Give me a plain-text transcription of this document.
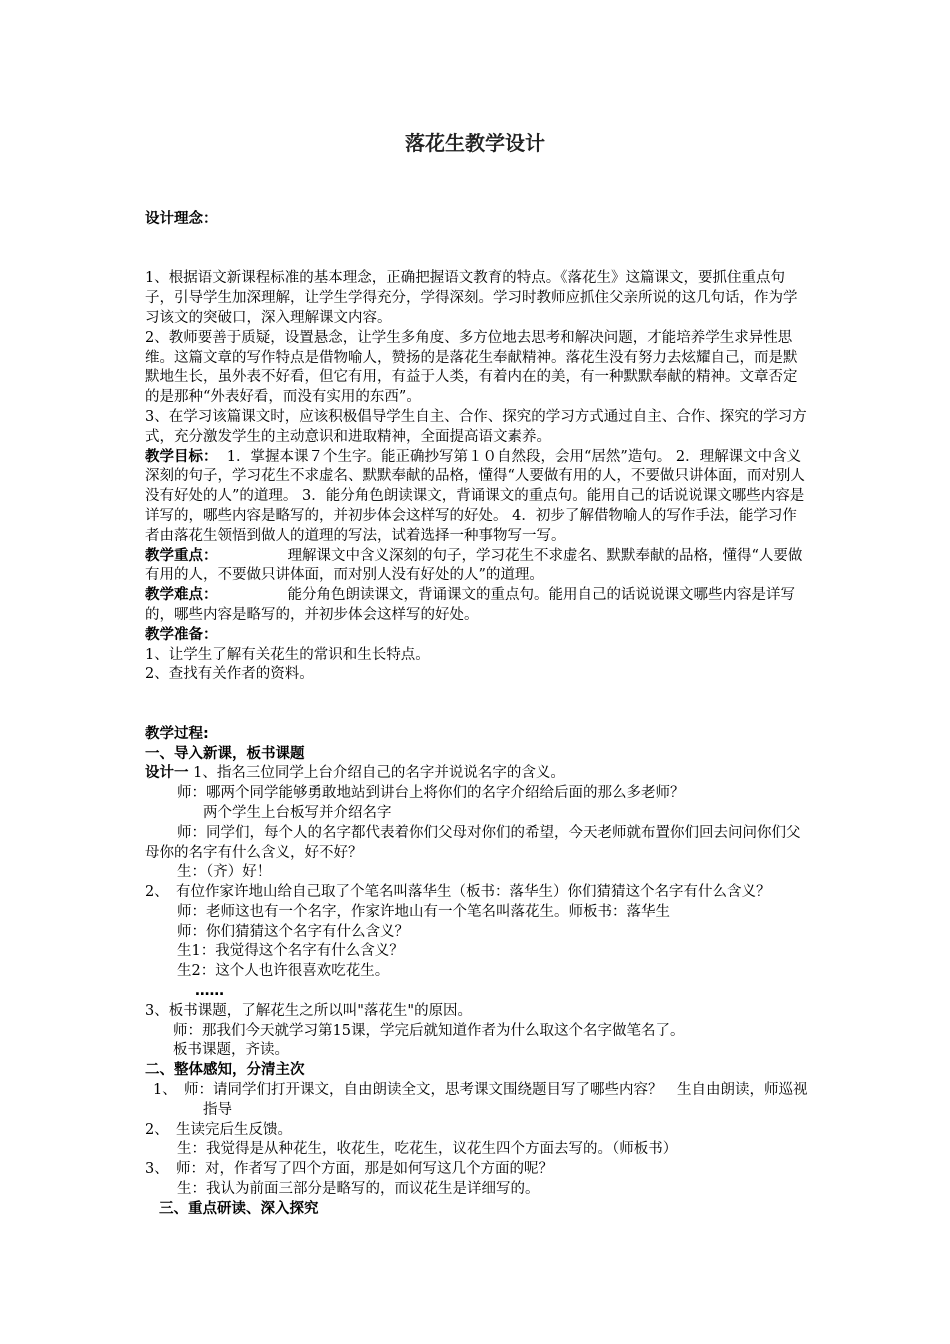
落花生教学设计

设计理念：

1、根据语文新课程标准的基本理念，正确把握语文教育的特点。《落花生》这篇课文，要抓住重点句子，引导学生加深理解，让学生学得充分，学得深刻。学习时教师应抓住父亲所说的这几句话，作为学习该文的突破口，深入理解课文内容。

2、教师要善于质疑，设置悬念，让学生多角度、多方位地去思考和解决问题，才能培养学生求异性思维。这篇文章的写作特点是借物喻人，赞扬的是落花生奉献精神。落花生没有努力去炫耀自己，而是默默地生长，虽外表不好看，但它有用，有益于人类，有着内在的美，有一种默默奉献的精神。文章否定的是那种“外表好看，而没有实用的东西”。

3、在学习该篇课文时，应该积极倡导学生自主、合作、探究的学习方式通过自主、合作、探究的学习方式，充分激发学生的主动意识和进取精神，全面提高语文素养。

教学目标： 1．掌握本课７个生字。能正确抄写第１０自然段，会用“居然”造句。 2．理解课文中含义深刻的句子，学习花生不求虚名、默默奉献的品格，懂得“人要做有用的人，不要做只讲体面，而对别人没有好处的人”的道理。 3．能分角色朗读课文，背诵课文的重点句。能用自己的话说说课文哪些内容是详写的，哪些内容是略写的，并初步体会这样写的好处。 4．初步了解借物喻人的写作手法，能学习作者由落花生领悟到做人的道理的写法，试着选择一种事物写一写。

教学重点：	理解课文中含义深刻的句子，学习花生不求虚名、默默奉献的品格，懂得“人要做有用的人，不要做只讲体面，而对别人没有好处的人”的道理。

教学难点：	能分角色朗读课文，背诵课文的重点句。能用自己的话说说课文哪些内容是详写的，哪些内容是略写的，并初步体会这样写的好处。

教学准备：

1、让学生了解有关花生的常识和生长特点。

2、查找有关作者的资料。

教学过程:

一、导入新课，板书课题

设计一 1、指名三位同学上台介绍自己的名字并说说名字的含义。

师：哪两个同学能够勇敢地站到讲台上将你们的名字介绍给后面的那么多老师？

两个学生上台板写并介绍名字

师：同学们，每个人的名字都代表着你们父母对你们的希望，今天老师就布置你们回去问问你们父母你的名字有什么含义，好不好？

生：（齐）好！

2、　有位作家许地山给自己取了个笔名叫落华生（板书：落华生）你们猜猜这个名字有什么含义？

师：老师这也有一个名字，作家许地山有一个笔名叫落花生。师板书：落华生

师：你们猜猜这个名字有什么含义？

生1：我觉得这个名字有什么含义？

生2：这个人也许很喜欢吃花生。

……

3、板书课题，了解花生之所以叫"落花生"的原因。

师：那我们今天就学习第15课，学完后就知道作者为什么取这个名字做笔名了。

板书课题，齐读。

二、整体感知，分清主次

1、　师：请同学们打开课文，自由朗读全文，思考课文围绕题目写了哪些内容？　生自由朗读，师巡视指导

2、　生读完后生反馈。

生：我觉得是从种花生，收花生，吃花生，议花生四个方面去写的。（师板书）

3、　师：对，作者写了四个方面，那是如何写这几个方面的呢？

生：我认为前面三部分是略写的，而议花生是详细写的。

三、重点研读、深入探究
